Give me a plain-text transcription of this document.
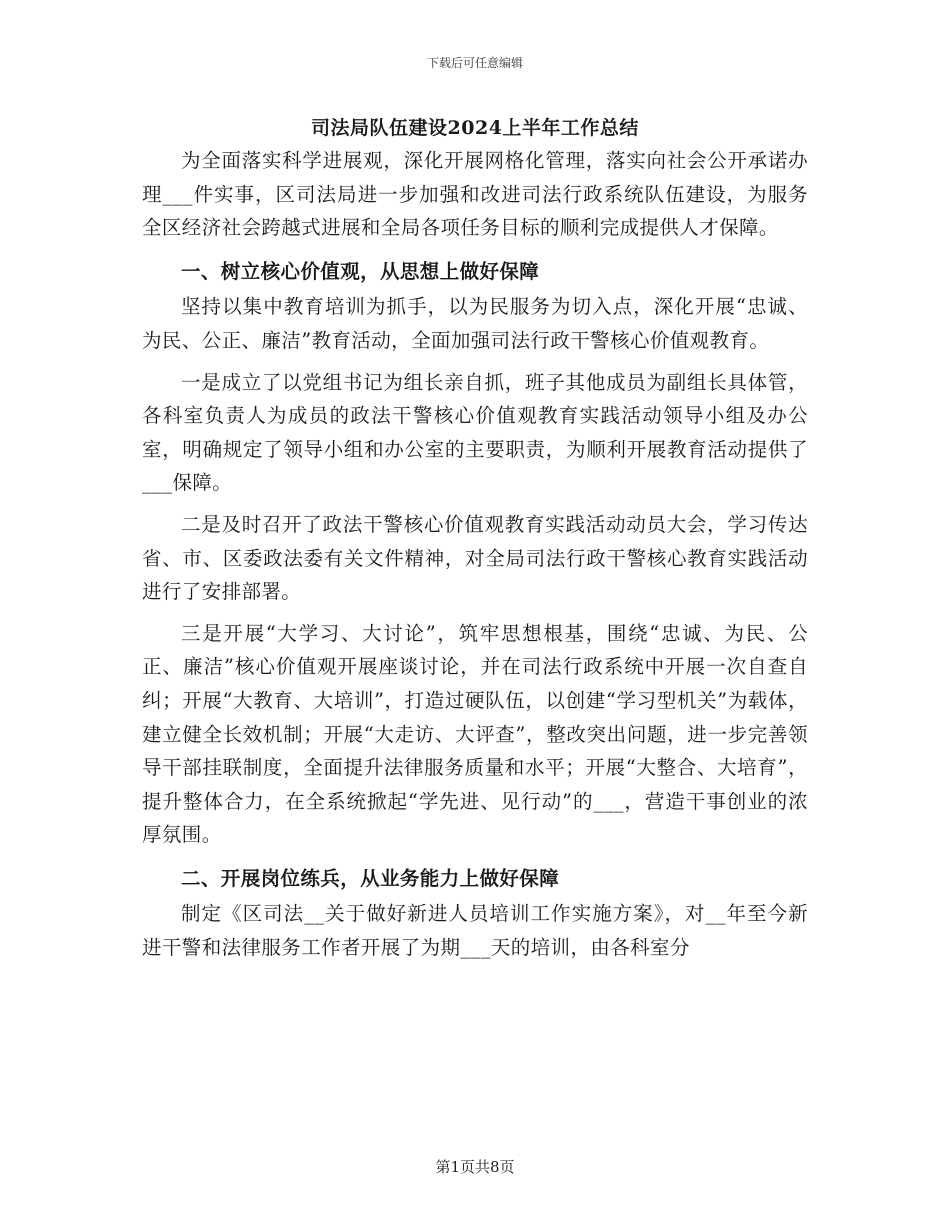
下载后可任意编辑
司法局队伍建设2024上半年工作总结

为全面落实科学进展观，深化开展网格化管理，落实向社会公开承诺办理___件实事，区司法局进一步加强和改进司法行政系统队伍建设，为服务全区经济社会跨越式进展和全局各项任务目标的顺利完成提供人才保障。

一、树立核心价值观，从思想上做好保障

坚持以集中教育培训为抓手，以为民服务为切入点，深化开展“忠诚、为民、公正、廉洁”教育活动，全面加强司法行政干警核心价值观教育。

一是成立了以党组书记为组长亲自抓，班子其他成员为副组长具体管，各科室负责人为成员的政法干警核心价值观教育实践活动领导小组及办公室，明确规定了领导小组和办公室的主要职责，为顺利开展教育活动提供了___保障。

二是及时召开了政法干警核心价值观教育实践活动动员大会，学习传达省、市、区委政法委有关文件精神，对全局司法行政干警核心教育实践活动进行了安排部署。

三是开展“大学习、大讨论”，筑牢思想根基，围绕“忠诚、为民、公正、廉洁”核心价值观开展座谈讨论，并在司法行政系统中开展一次自查自纠；开展“大教育、大培训”，打造过硬队伍，以创建“学习型机关”为载体，建立健全长效机制；开展“大走访、大评查”，整改突出问题，进一步完善领导干部挂联制度，全面提升法律服务质量和水平；开展“大整合、大培育”，提升整体合力，在全系统掀起“学先进、见行动”的___，营造干事创业的浓厚氛围。

二、开展岗位练兵，从业务能力上做好保障

制定《区司法__关于做好新进人员培训工作实施方案》，对__年至今新进干警和法律服务工作者开展了为期___天的培训，由各科室分

第1页共8页
